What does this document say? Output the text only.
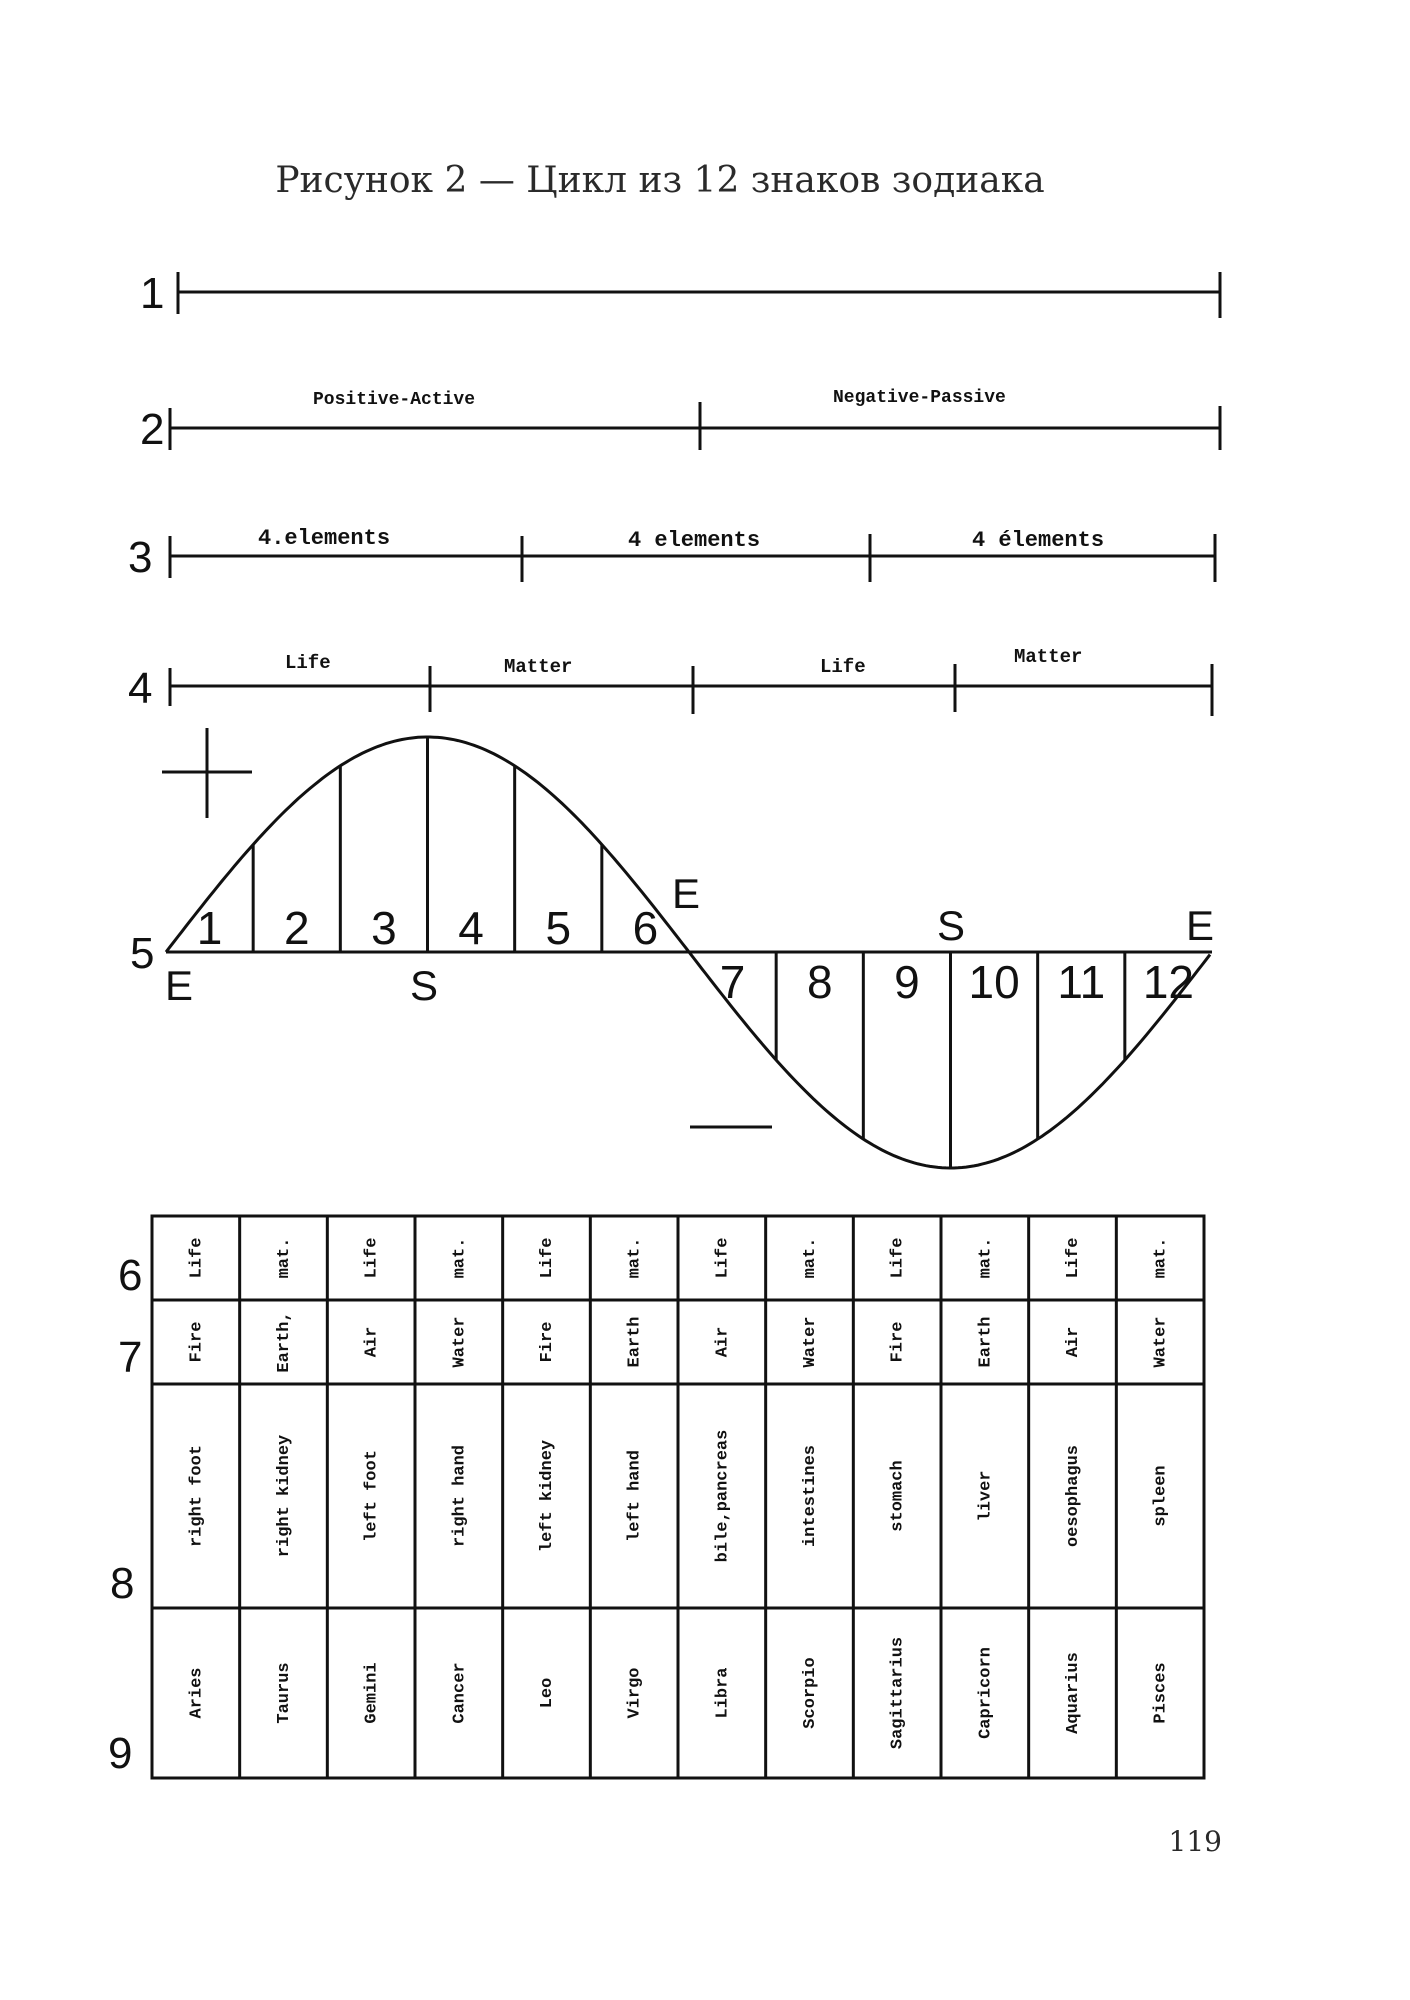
Рисунок 2 — Цикл из 12 знаков зодиака
1
2
3
4
5
6
7
8
9
Positive-Active	Negative-Passive
4.elements	4 elements	4 élements
Life	Matter	Life	Matter
1 2 3 4 5 6
7 8 9 10 11 12
E	S
E
S	E
Life	mat.	Life	mat.	Life	mat.	Life	mat.	Life	mat.	Life	mat.
Fire	Earth,	Air	Water	Fire	Earth	Air	Water	Fire	Earth	Air	Water
right foot	right kidney	left foot	right hand	left kidney	left hand	bile,pancreas	intestines	stomach	liver	oesophagus	spleen
Aries	Taurus	Gemini	Cancer	Leo	Virgo	Libra	Scorpio	Sagittarius	Capricorn	Aquarius	Pisces
119
